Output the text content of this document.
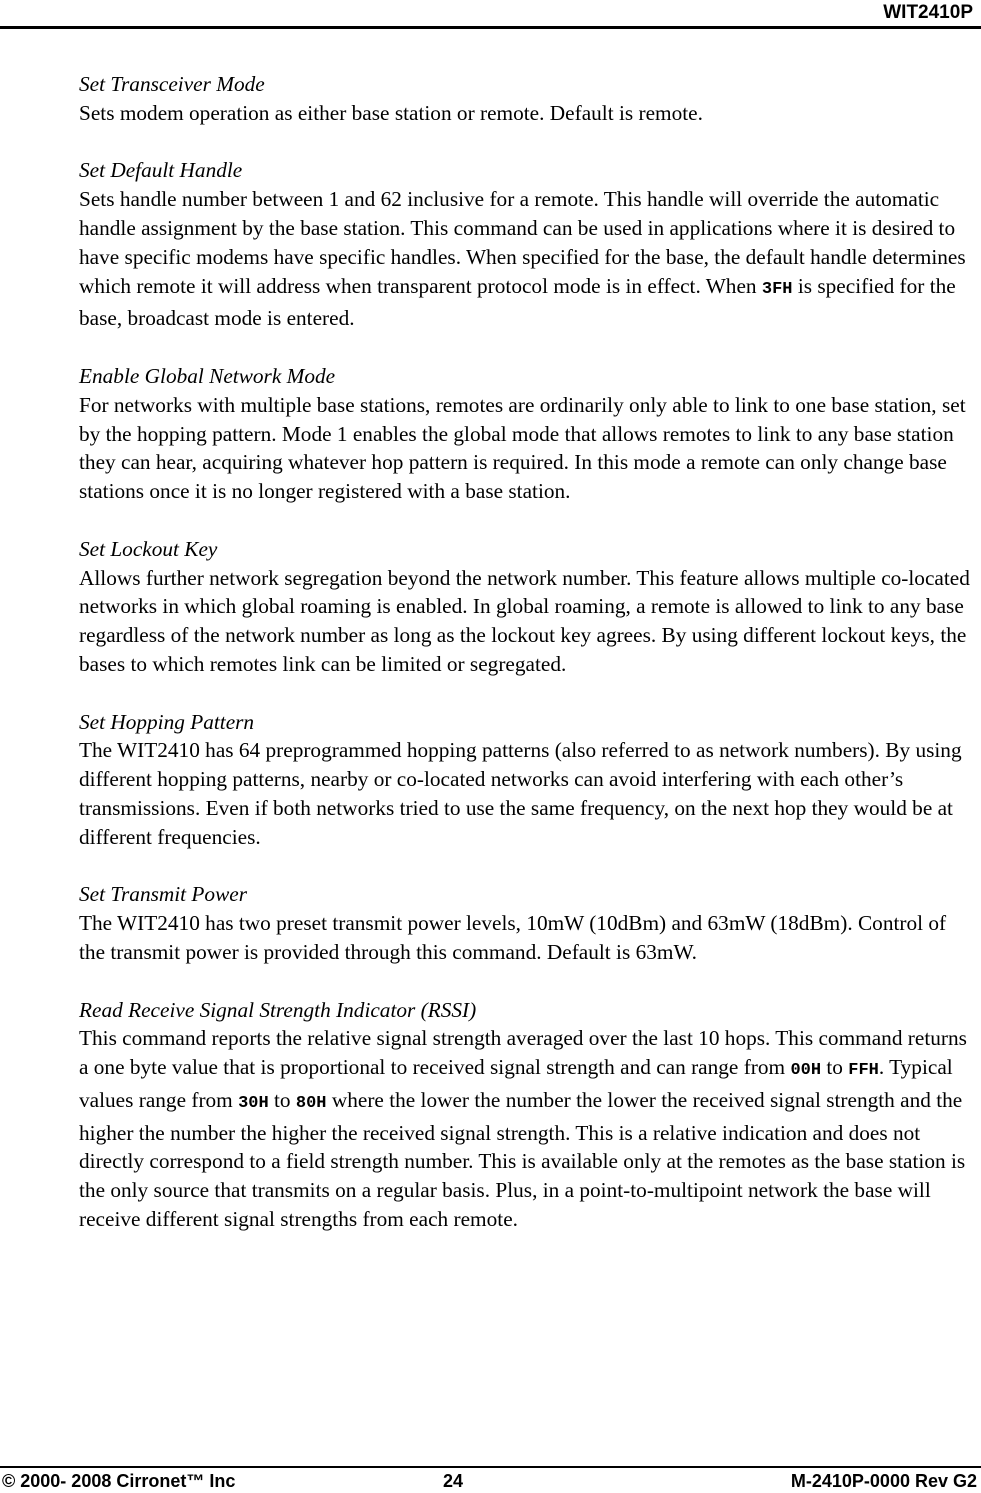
WIT2410P

Set Transceiver Mode

Sets modem operation as either base station or remote. Default is remote.

Set Default Handle

Sets handle number between 1 and 62 inclusive for a remote. This handle will override the automatic handle assignment by the base station. This command can be used in applications where it is desired to have specific modems have specific handles. When specified for the base, the default handle determines which remote it will address when transparent protocol mode is in effect. When 3FH is specified for the base, broadcast mode is entered.

Enable Global Network Mode

For networks with multiple base stations, remotes are ordinarily only able to link to one base station, set by the hopping pattern. Mode 1 enables the global mode that allows remotes to link to any base station they can hear, acquiring whatever hop pattern is required. In this mode a remote can only change base stations once it is no longer registered with a base station.

Set Lockout Key

Allows further network segregation beyond the network number. This feature allows multiple co-located networks in which global roaming is enabled. In global roaming, a remote is allowed to link to any base regardless of the network number as long as the lockout key agrees. By using different lockout keys, the bases to which remotes link can be limited or segregated.

Set Hopping Pattern

The WIT2410 has 64 preprogrammed hopping patterns (also referred to as network numbers). By using different hopping patterns, nearby or co-located networks can avoid interfering with each other’s transmissions. Even if both networks tried to use the same frequency, on the next hop they would be at different frequencies.

Set Transmit Power

The WIT2410 has two preset transmit power levels, 10mW (10dBm) and 63mW (18dBm). Control of the transmit power is provided through this command. Default is 63mW.

Read Receive Signal Strength Indicator (RSSI)

This command reports the relative signal strength averaged over the last 10 hops. This command returns a one byte value that is proportional to received signal strength and can range from 00H to FFH. Typical values range from 30H to 80H where the lower the number the lower the received signal strength and the higher the number the higher the received signal strength. This is a relative indication and does not directly correspond to a field strength number. This is available only at the remotes as the base station is the only source that transmits on a regular basis. Plus, in a point-to-multipoint network the base will receive different signal strengths from each remote.

© 2000- 2008 Cirronet™ Inc	24	M-2410P-0000 Rev G2
